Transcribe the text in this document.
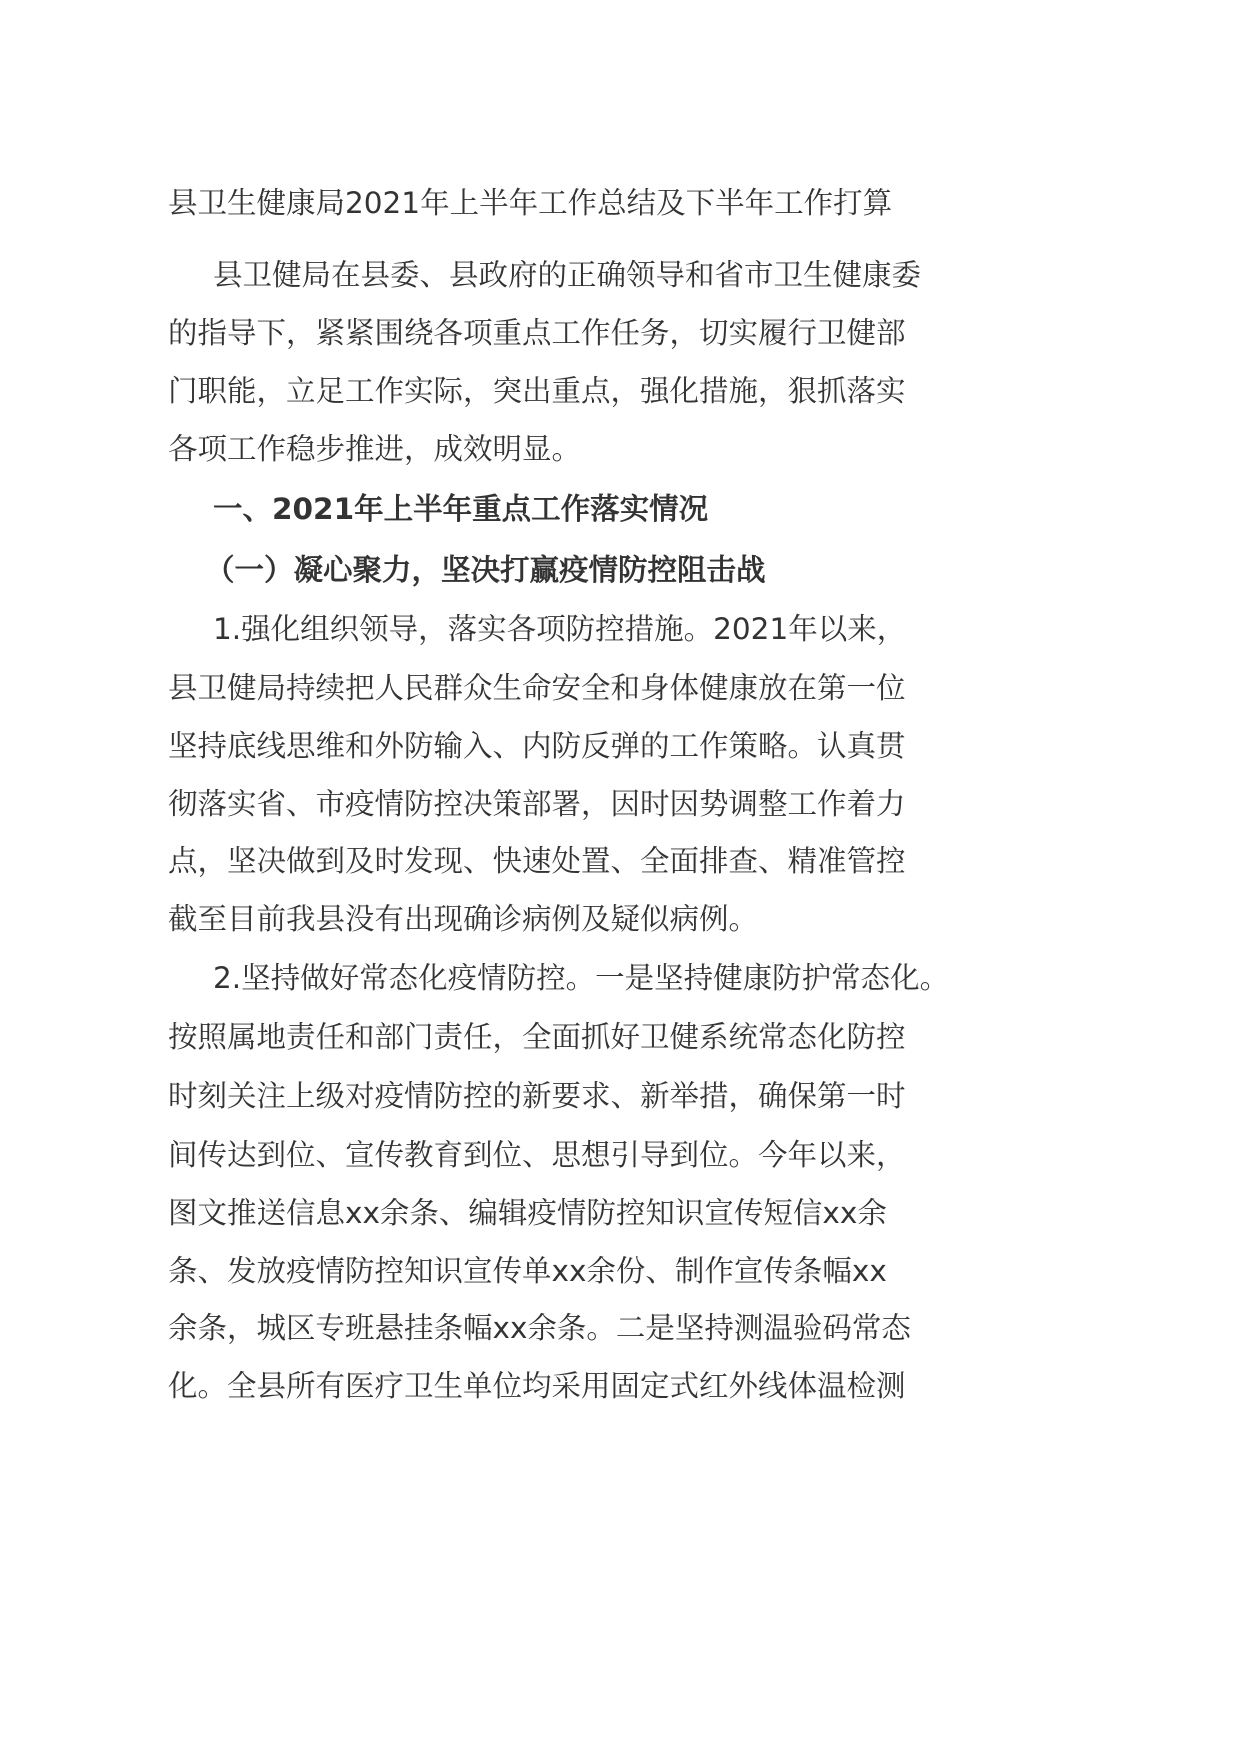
县卫生健康局2021年上半年工作总结及下半年工作打算
县卫健局在县委、县政府的正确领导和省市卫生健康委
的指导下，紧紧围绕各项重点工作任务，切实履行卫健部
门职能，立足工作实际，突出重点，强化措施，狠抓落实
各项工作稳步推进，成效明显。
一、2021年上半年重点工作落实情况
（一）凝心聚力，坚决打赢疫情防控阻击战
1.强化组织领导，落实各项防控措施。2021年以来，
县卫健局持续把人民群众生命安全和身体健康放在第一位
坚持底线思维和外防输入、内防反弹的工作策略。认真贯
彻落实省、市疫情防控决策部署，因时因势调整工作着力
点，坚决做到及时发现、快速处置、全面排查、精准管控
截至目前我县没有出现确诊病例及疑似病例。
2.坚持做好常态化疫情防控。一是坚持健康防护常态化。
按照属地责任和部门责任，全面抓好卫健系统常态化防控
时刻关注上级对疫情防控的新要求、新举措，确保第一时
间传达到位、宣传教育到位、思想引导到位。今年以来，
图文推送信息xx余条、编辑疫情防控知识宣传短信xx余
条、发放疫情防控知识宣传单xx余份、制作宣传条幅xx
余条，城区专班悬挂条幅xx余条。二是坚持测温验码常态
化。全县所有医疗卫生单位均采用固定式红外线体温检测
